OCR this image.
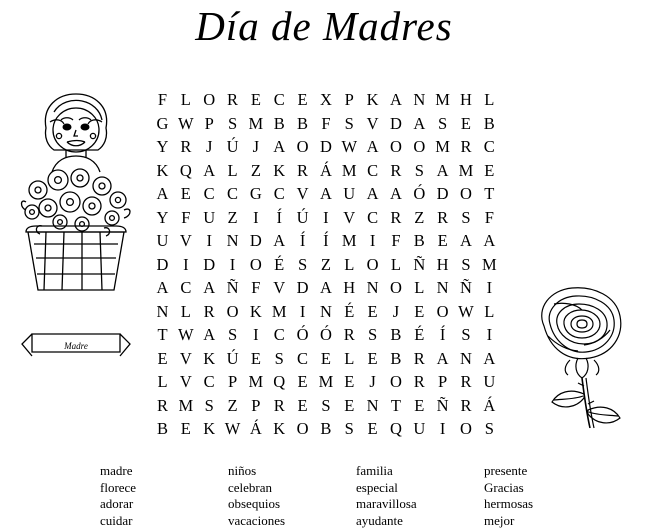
Día de Madres
Madre
F L O R E C E X P K A N M H L
G W P S M B B F S V D A S E B
Y R J Ú J A O D W A O O M R C
K Q A L Z K R Á M C R S A M E
A E C C G C V A U A A Ó D O T
Y F U Z I	Í Ú I V C R Z R S F
U V I N D A Í	Í M I F B E A A
D I D I O É S Z L O L Ñ H S M
A C A Ñ F V D A H N O L N Ñ I
N L R O K M I N É E J E O W L
T W A S I C Ó Ó R S B É Í S I
E V K Ú E S C E L E B R A N A
L V C P M Q E M E J O R P R U
R M S Z P R E S E N T E Ñ R Á
B E K W Á K O B S E Q U I O S
madre
florece
adorar
cuidar
niños
celebran
obsequios
vacaciones
familia
especial
maravillosa
ayudante
presente
Gracias
hermosas
mejor
